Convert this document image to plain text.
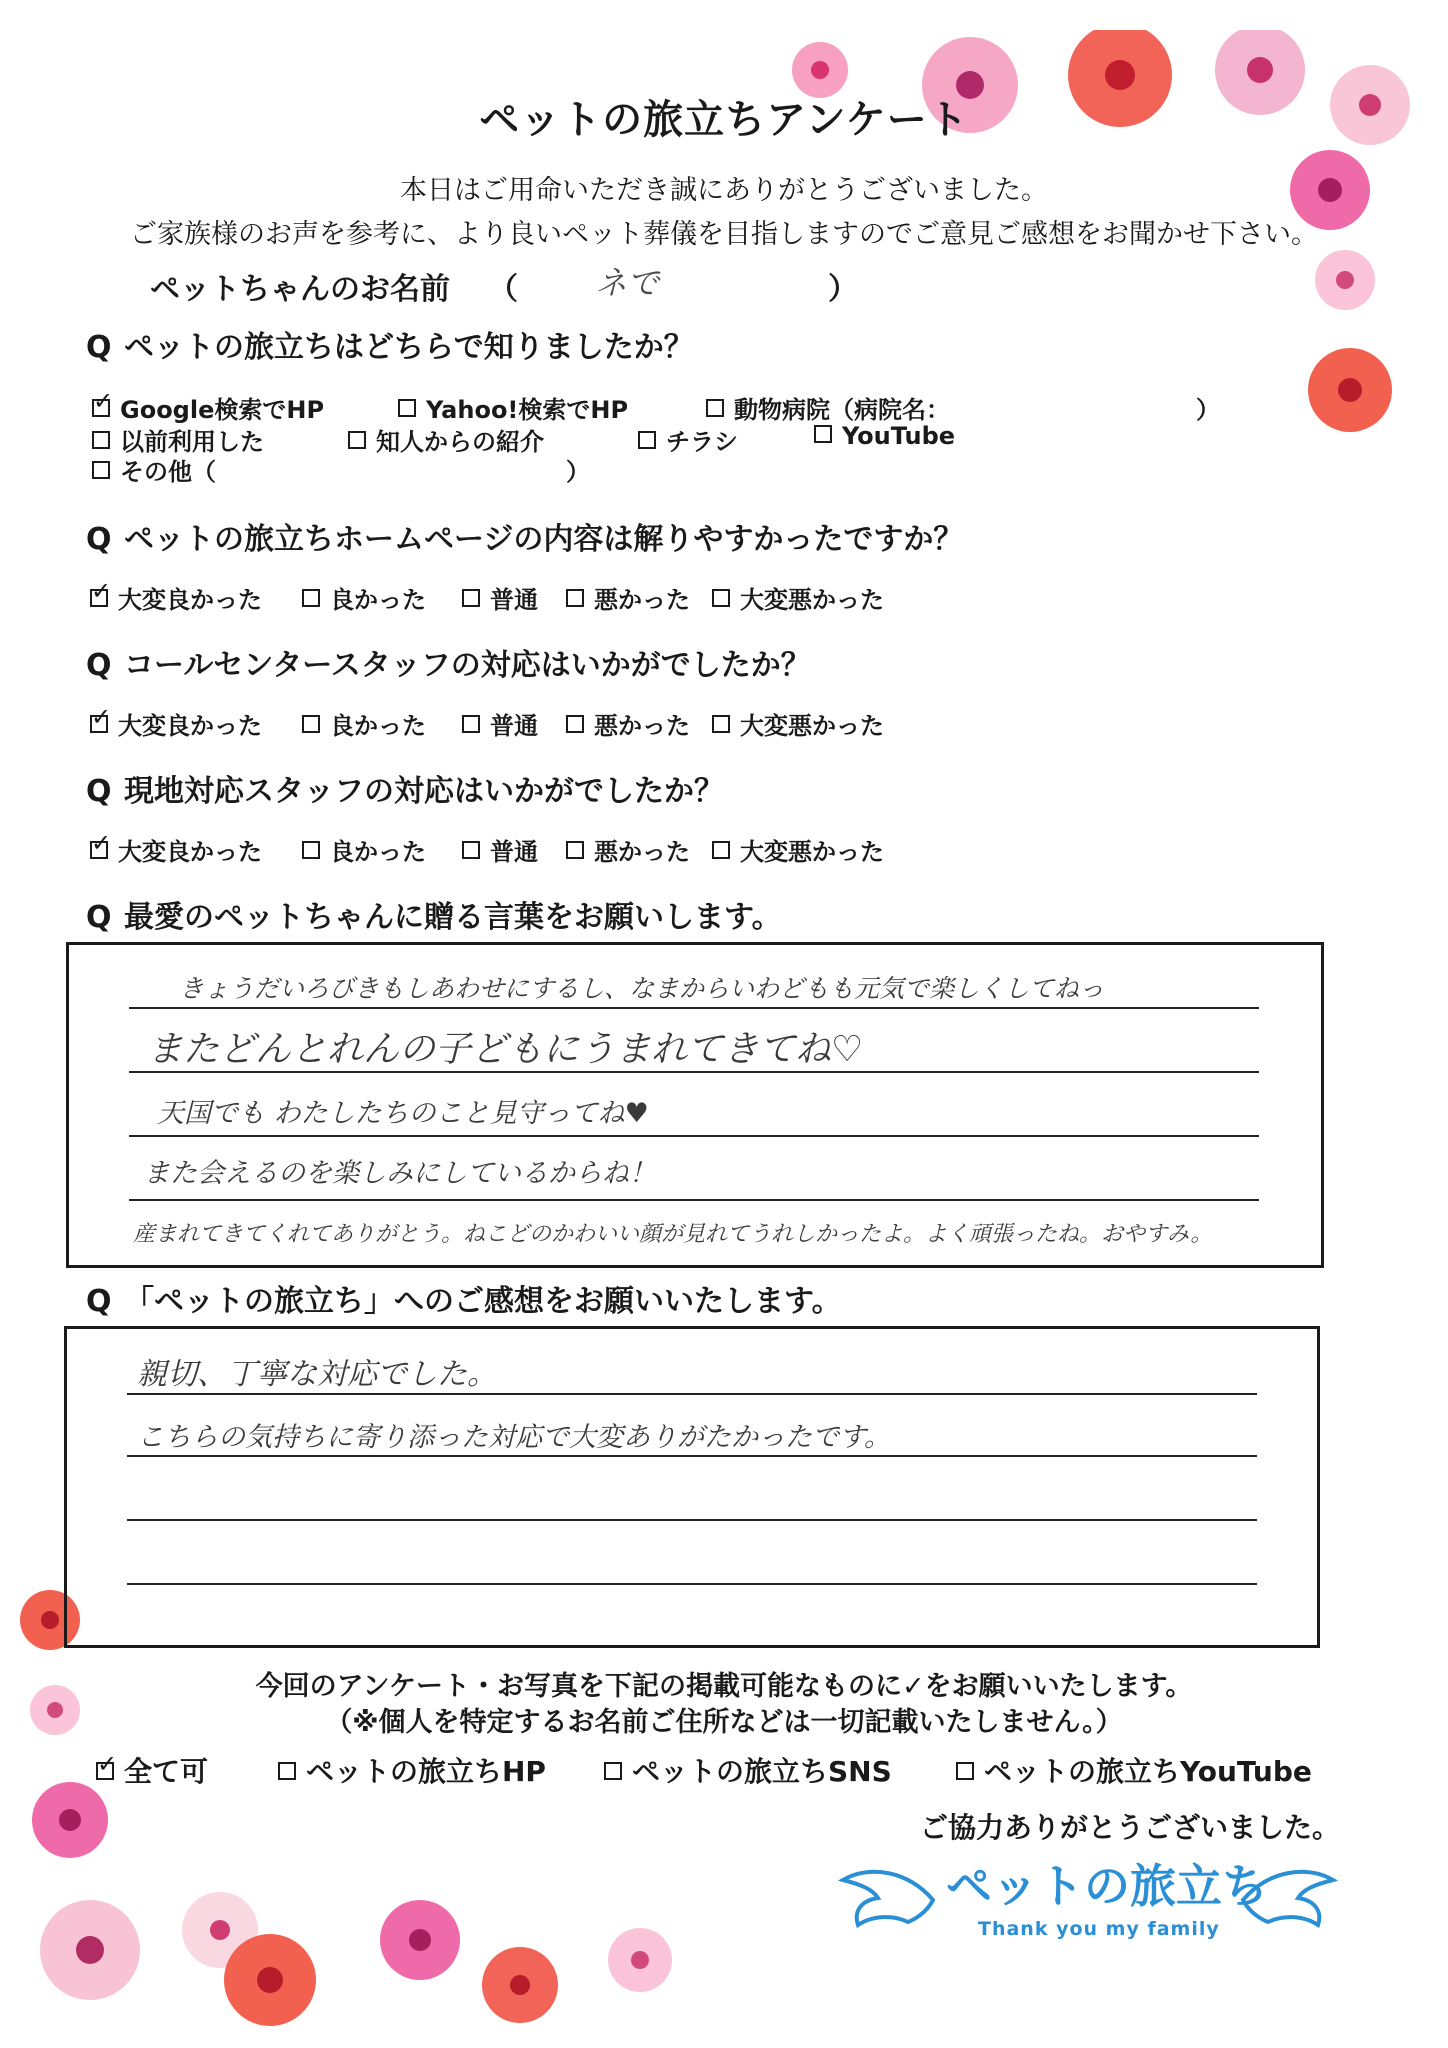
ペットの旅立ちアンケート
本日はご用命いただき誠にありがとうございました。
ご家族様のお声を参考に、より良いペット葬儀を目指しますのでご意見ご感想をお聞かせ下さい。
ペットちゃんのお名前 （ ネで	）
Q ペットの旅立ちはどちらで知りましたか？
✓Google検索でHP	Yahoo!検索でHP	動物病院（病院名：	）
以前利用した	知人からの紹介	チラシ	YouTube
その他（	）
Q ペットの旅立ちホームページの内容は解りやすかったですか？
✓大変良かった	良かった	普通	悪かった	大変悪かった
Q コールセンタースタッフの対応はいかがでしたか？
✓大変良かった	良かった	普通	悪かった	大変悪かった
Q 現地対応スタッフの対応はいかがでしたか？
✓大変良かった	良かった	普通	悪かった	大変悪かった
Q 最愛のペットちゃんに贈る言葉をお願いします。
きょうだいろびきもしあわせにするし、なまからいわどもも元気で楽しくしてねっ
またどんとれんの子どもにうまれてきてね♡
天国でも わたしたちのこと見守ってね♥
また会えるのを楽しみにしているからね！
産まれてきてくれてありがとう。ねこどのかわいい顔が見れてうれしかったよ。よく頑張ったね。おやすみ。
Q 「ペットの旅立ち」へのご感想をお願いいたします。
親切、丁寧な対応でした。
こちらの気持ちに寄り添った対応で大変ありがたかったです。
今回のアンケート・お写真を下記の掲載可能なものに✓をお願いいたします。
（※個人を特定するお名前ご住所などは一切記載いたしません。）
✓全て可	ペットの旅立ちHP	ペットの旅立ちSNS	ペットの旅立ちYouTube
ご協力ありがとうございました。
ペットの旅立ち
Thank you my family
